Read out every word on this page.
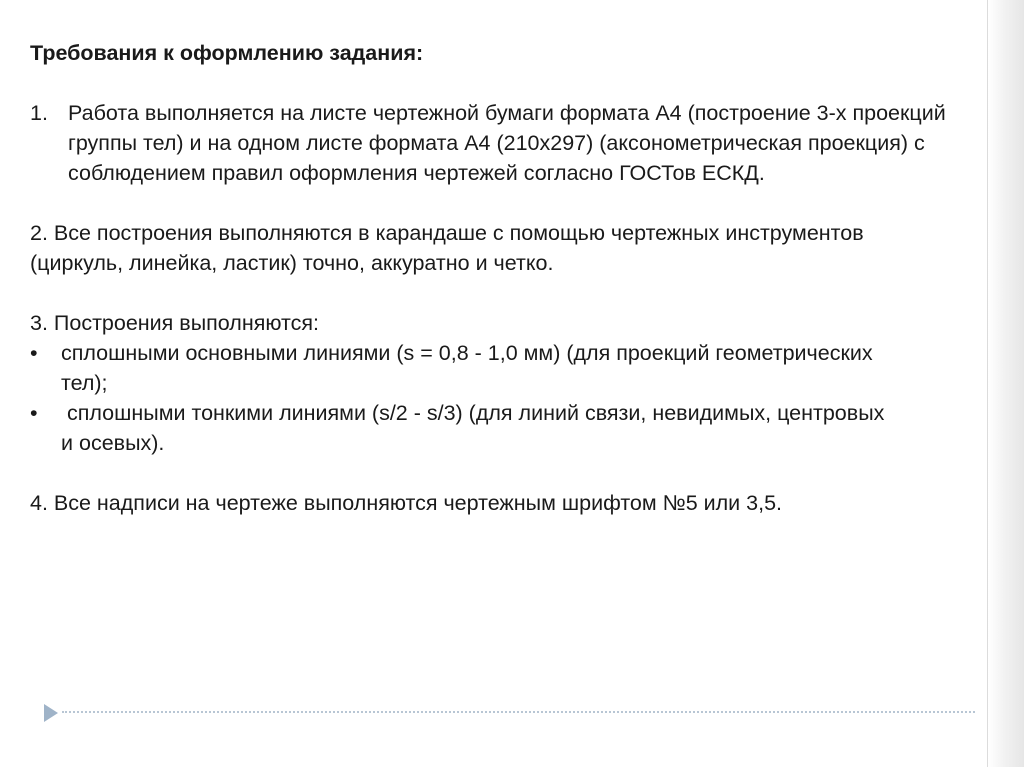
Требования к оформлению задания:

1. Работа выполняется на листе чертежной бумаги формата А4 (построение 3-х проекций группы тел) и на одном листе формата А4 (210x297) (аксонометрическая проекция) с соблюдением правил оформления чертежей согласно ГОСТов ЕСКД.
2. Все построения выполняются в карандаше с помощью чертежных инструментов (циркуль, линейка, ластик) точно, аккуратно и четко.
3. Построения выполняются:
• сплошными основными линиями (s = 0,8 - 1,0 мм) (для проекций геометрических тел);
• сплошными тонкими линиями (s/2 - s/3) (для линий связи, невидимых, центровых и осевых).
4. Все надписи на чертеже выполняются чертежным шрифтом №5 или 3,5.
